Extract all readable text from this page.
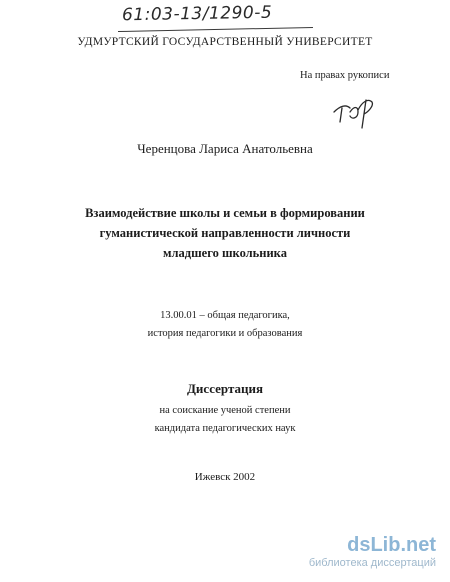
61:03-13/1290-5
УДМУРТСКИЙ ГОСУДАРСТВЕННЫЙ УНИВЕРСИТЕТ
На правах рукописи
Черенцова Лариса Анатольевна
Взаимодействие школы и семьи в формировании
гуманистической направленности личности
младшего школьника
13.00.01 – общая педагогика,
история педагогики и образования
Диссертация
на соискание ученой степени
кандидата педагогических наук
Ижевск 2002
dsLib.net
библиотека диссертаций
